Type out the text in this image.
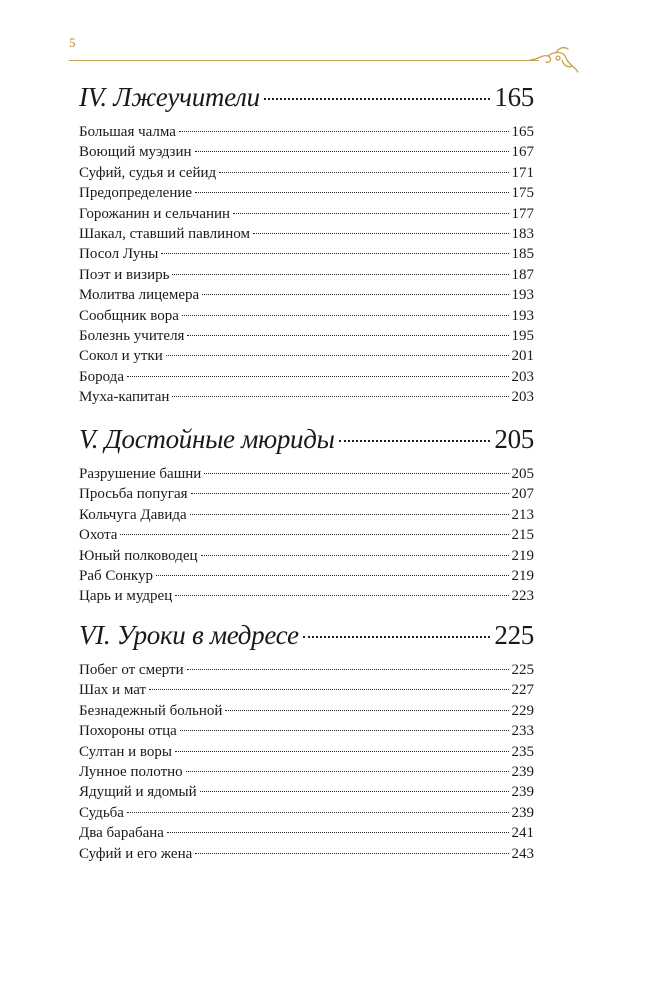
5
IV. Лжеучители	165
Большая чалма	165
Воющий муэдзин	167
Суфий, судья и сейид	171
Предопределение	175
Горожанин и сельчанин	177
Шакал, ставший павлином	183
Посол Луны	185
Поэт и визирь	187
Молитва лицемера	193
Сообщник вора	193
Болезнь учителя	195
Сокол и утки	201
Борода	203
Муха-капитан	203
V. Достойные мюриды	205
Разрушение башни	205
Просьба попугая	207
Кольчуга Давида	213
Охота	215
Юный полководец	219
Раб Сонкур	219
Царь и мудрец	223
VI. Уроки в медресе	225
Побег от смерти	225
Шах и мат	227
Безнадежный больной	229
Похороны отца	233
Султан и воры	235
Лунное полотно	239
Ядущий и ядомый	239
Судьба	239
Два барабана	241
Суфий и его жена	243
